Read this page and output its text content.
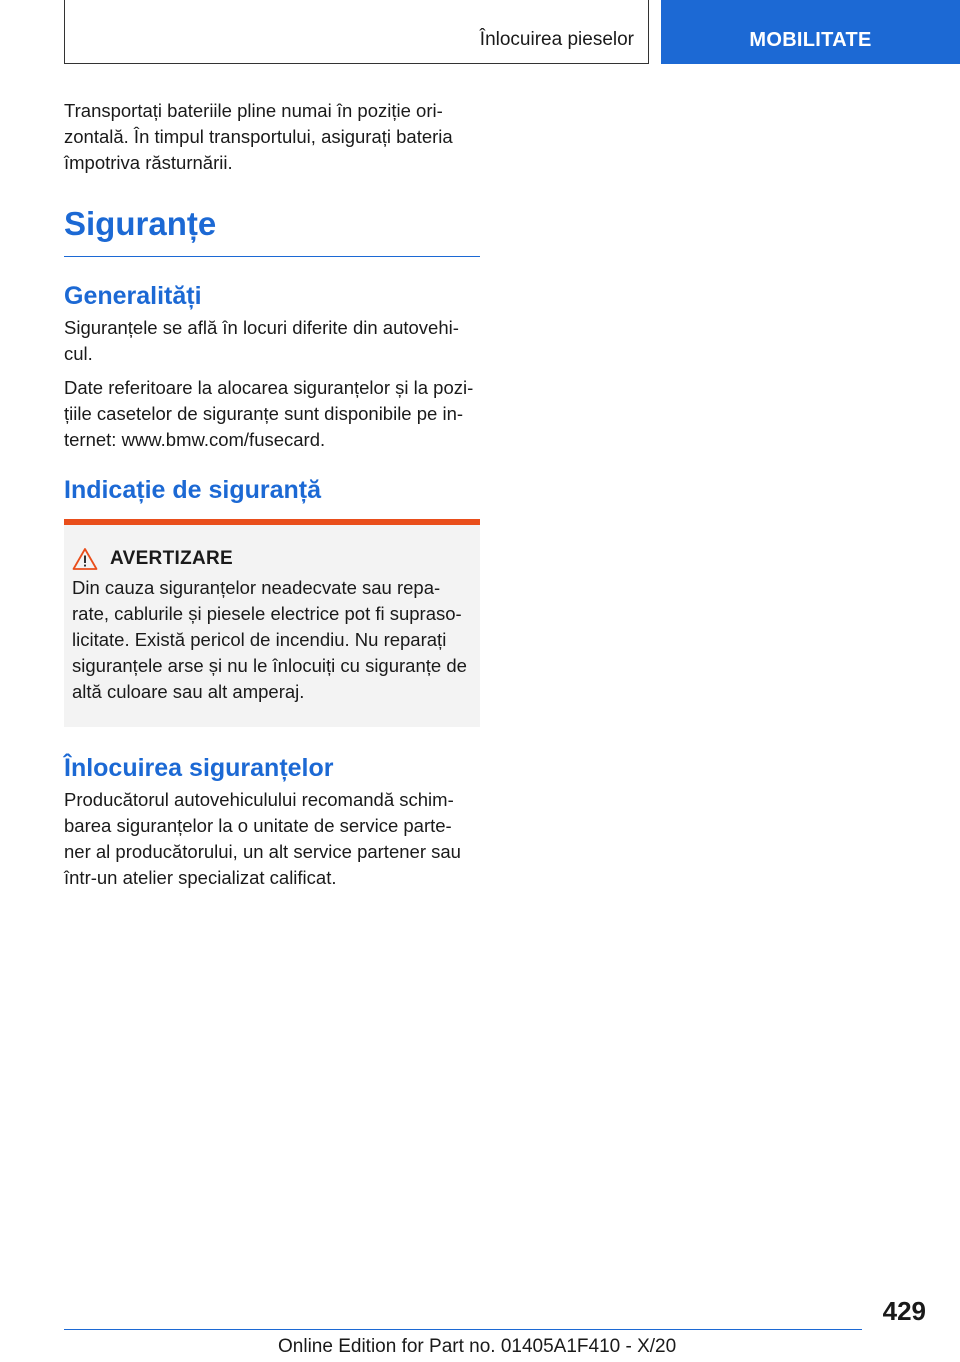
Înlocuirea pieselor	MOBILITATE

Transportați bateriile pline numai în poziție ori-zontală. În timpul transportului, asigurați bateria împotriva răsturnării.

Siguranțe
Generalități

Siguranțele se află în locuri diferite din autovehi-cul.

Date referitoare la alocarea siguranțelor și la pozi-țiile casetelor de siguranțe sunt disponibile pe in-ternet: www.bmw.com/fusecard.

Indicație de siguranță
AVERTIZARE

Din cauza siguranțelor neadecvate sau repa-rate, cablurile și piesele electrice pot fi supraso-licitate. Există pericol de incendiu. Nu reparați siguranțele arse și nu le înlocuiți cu siguranțe de altă culoare sau alt amperaj.

Înlocuirea siguranțelor

Producătorul autovehiculului recomandă schim-barea siguranțelor la o unitate de service parte-ner al producătorului, un alt service partener sau într-un atelier specializat calificat.

429
Online Edition for Part no. 01405A1F410 - X/20
